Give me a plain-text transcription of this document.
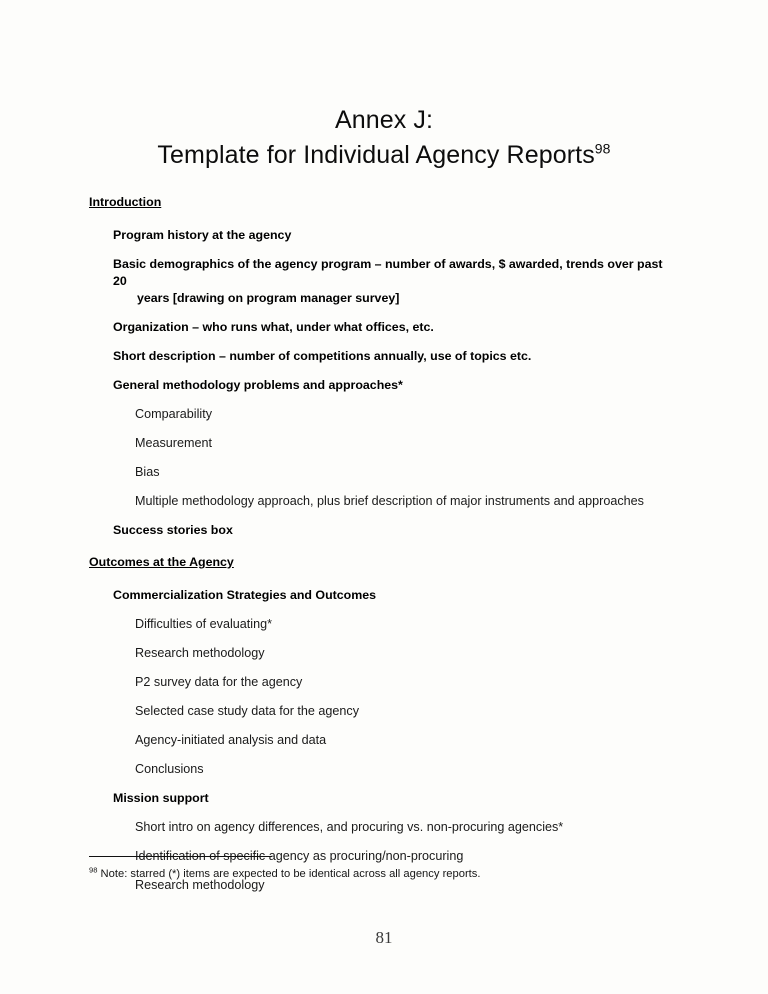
Annex J:
Template for Individual Agency Reports$^{98}$
Introduction
Program history at the agency
Basic demographics of the agency program – number of awards, $ awarded, trends over past 20
years [drawing on program manager survey]
Organization – who runs what, under what offices, etc.
Short description – number of competitions annually, use of topics etc.
General methodology problems and approaches*
Comparability
Measurement
Bias
Multiple methodology approach, plus brief description of major instruments and approaches
Success stories box
Outcomes at the Agency
Commercialization Strategies and Outcomes
Difficulties of evaluating*
Research methodology
P2 survey data for the agency
Selected case study data for the agency
Agency-initiated analysis and data
Conclusions
Mission support
Short intro on agency differences, and procuring vs. non-procuring agencies*
Identification of specific agency as procuring/non-procuring
Research methodology
$^{98}$ Note: starred (*) items are expected to be identical across all agency reports.
81
